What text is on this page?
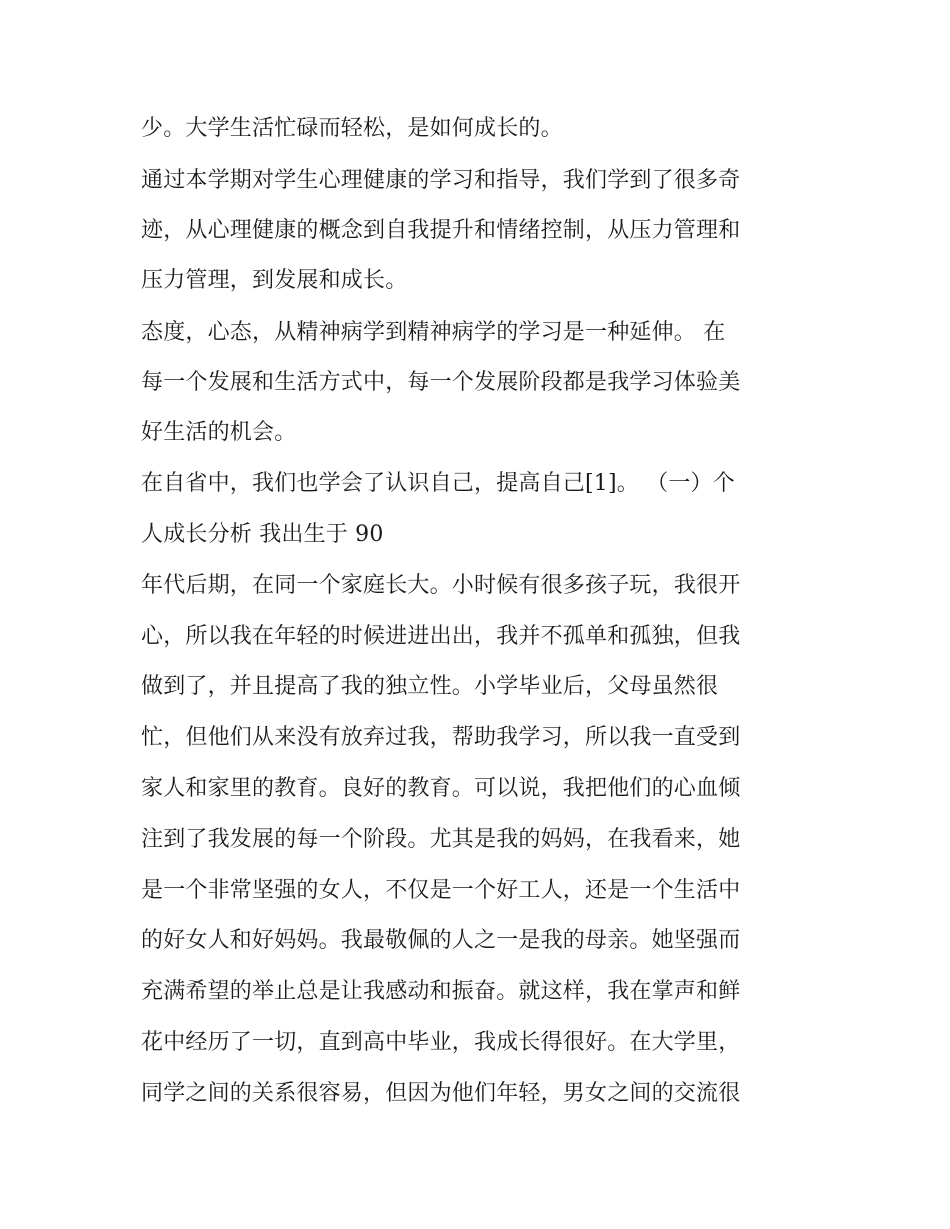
少。大学生活忙碌而轻松，是如何成长的。
通过本学期对学生心理健康的学习和指导，我们学到了很多奇
迹，从心理健康的概念到自我提升和情绪控制，从压力管理和
压力管理，到发展和成长。
态度，心态，从精神病学到精神病学的学习是一种延伸。 在
每一个发展和生活方式中，每一个发展阶段都是我学习体验美
好生活的机会。
在自省中，我们也学会了认识自己，提高自己[1]。 （一）个
人成长分析 我出生于 90
年代后期，在同一个家庭长大。小时候有很多孩子玩，我很开
心，所以我在年轻的时候进进出出，我并不孤单和孤独，但我
做到了，并且提高了我的独立性。小学毕业后，父母虽然很
忙，但他们从来没有放弃过我，帮助我学习，所以我一直受到
家人和家里的教育。良好的教育。可以说，我把他们的心血倾
注到了我发展的每一个阶段。尤其是我的妈妈，在我看来，她
是一个非常坚强的女人，不仅是一个好工人，还是一个生活中
的好女人和好妈妈。我最敬佩的人之一是我的母亲。她坚强而
充满希望的举止总是让我感动和振奋。就这样，我在掌声和鲜
花中经历了一切，直到高中毕业，我成长得很好。在大学里，
同学之间的关系很容易，但因为他们年轻，男女之间的交流很
